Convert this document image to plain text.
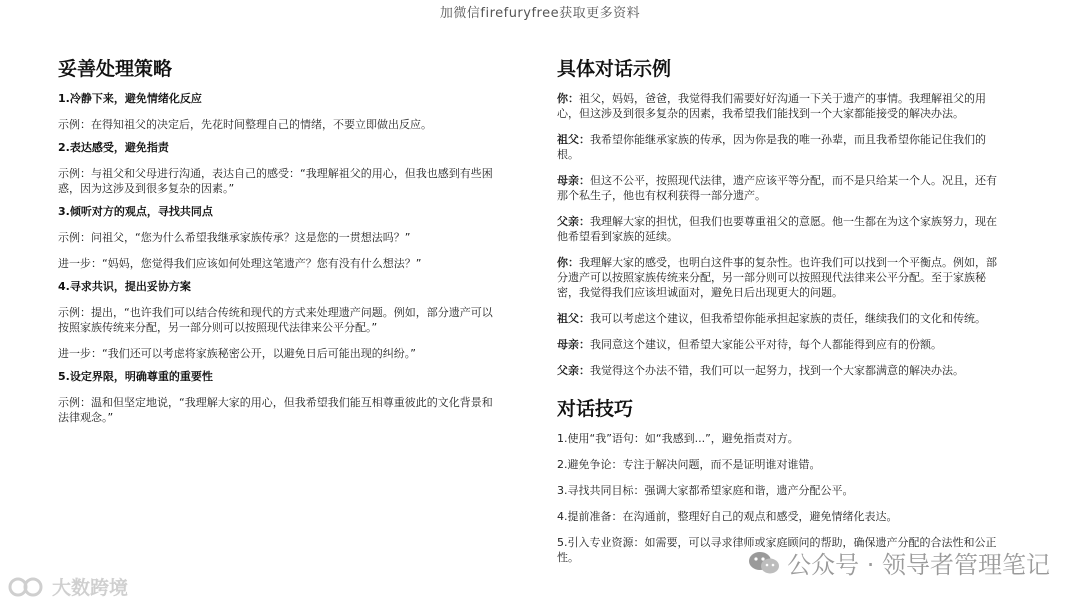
加微信firefuryfree获取更多资料
妥善处理策略

1.冷静下来，避免情绪化反应

示例：在得知祖父的决定后，先花时间整理自己的情绪，不要立即做出反应。

2.表达感受，避免指责

示例：与祖父和父母进行沟通，表达自己的感受：“我理解祖父的用心，但我也感到有些困惑，因为这涉及到很多复杂的因素。”

3.倾听对方的观点，寻找共同点

示例：问祖父，“您为什么希望我继承家族传承？这是您的一贯想法吗？”

进一步：“妈妈，您觉得我们应该如何处理这笔遗产？您有没有什么想法？”

4.寻求共识，提出妥协方案

示例：提出，“也许我们可以结合传统和现代的方式来处理遗产问题。例如，部分遗产可以按照家族传统来分配，另一部分则可以按照现代法律来公平分配。”

进一步：“我们还可以考虑将家族秘密公开，以避免日后可能出现的纠纷。”

5.设定界限，明确尊重的重要性

示例：温和但坚定地说，“我理解大家的用心，但我希望我们能互相尊重彼此的文化背景和法律观念。”

具体对话示例

你：祖父，妈妈，爸爸，我觉得我们需要好好沟通一下关于遗产的事情。我理解祖父的用心，但这涉及到很多复杂的因素，我希望我们能找到一个大家都能接受的解决办法。

祖父：我希望你能继承家族的传承，因为你是我的唯一孙辈，而且我希望你能记住我们的根。

母亲：但这不公平，按照现代法律，遗产应该平等分配，而不是只给某一个人。况且，还有那个私生子，他也有权利获得一部分遗产。

父亲：我理解大家的担忧，但我们也要尊重祖父的意愿。他一生都在为这个家族努力，现在他希望看到家族的延续。

你：我理解大家的感受，也明白这件事的复杂性。也许我们可以找到一个平衡点。例如，部分遗产可以按照家族传统来分配，另一部分则可以按照现代法律来公平分配。至于家族秘密，我觉得我们应该坦诚面对，避免日后出现更大的问题。

祖父：我可以考虑这个建议，但我希望你能承担起家族的责任，继续我们的文化和传统。

母亲：我同意这个建议，但希望大家能公平对待，每个人都能得到应有的份额。

父亲：我觉得这个办法不错，我们可以一起努力，找到一个大家都满意的解决办法。

对话技巧

1.使用“我”语句：如“我感到...”，避免指责对方。

2.避免争论：专注于解决问题，而不是证明谁对谁错。

3.寻找共同目标：强调大家都希望家庭和谐，遗产分配公平。

4.提前准备：在沟通前，整理好自己的观点和感受，避免情绪化表达。

5.引入专业资源：如需要，可以寻求律师或家庭顾问的帮助，确保遗产分配的合法性和公正性。

大数跨境
公众号 · 领导者管理笔记
